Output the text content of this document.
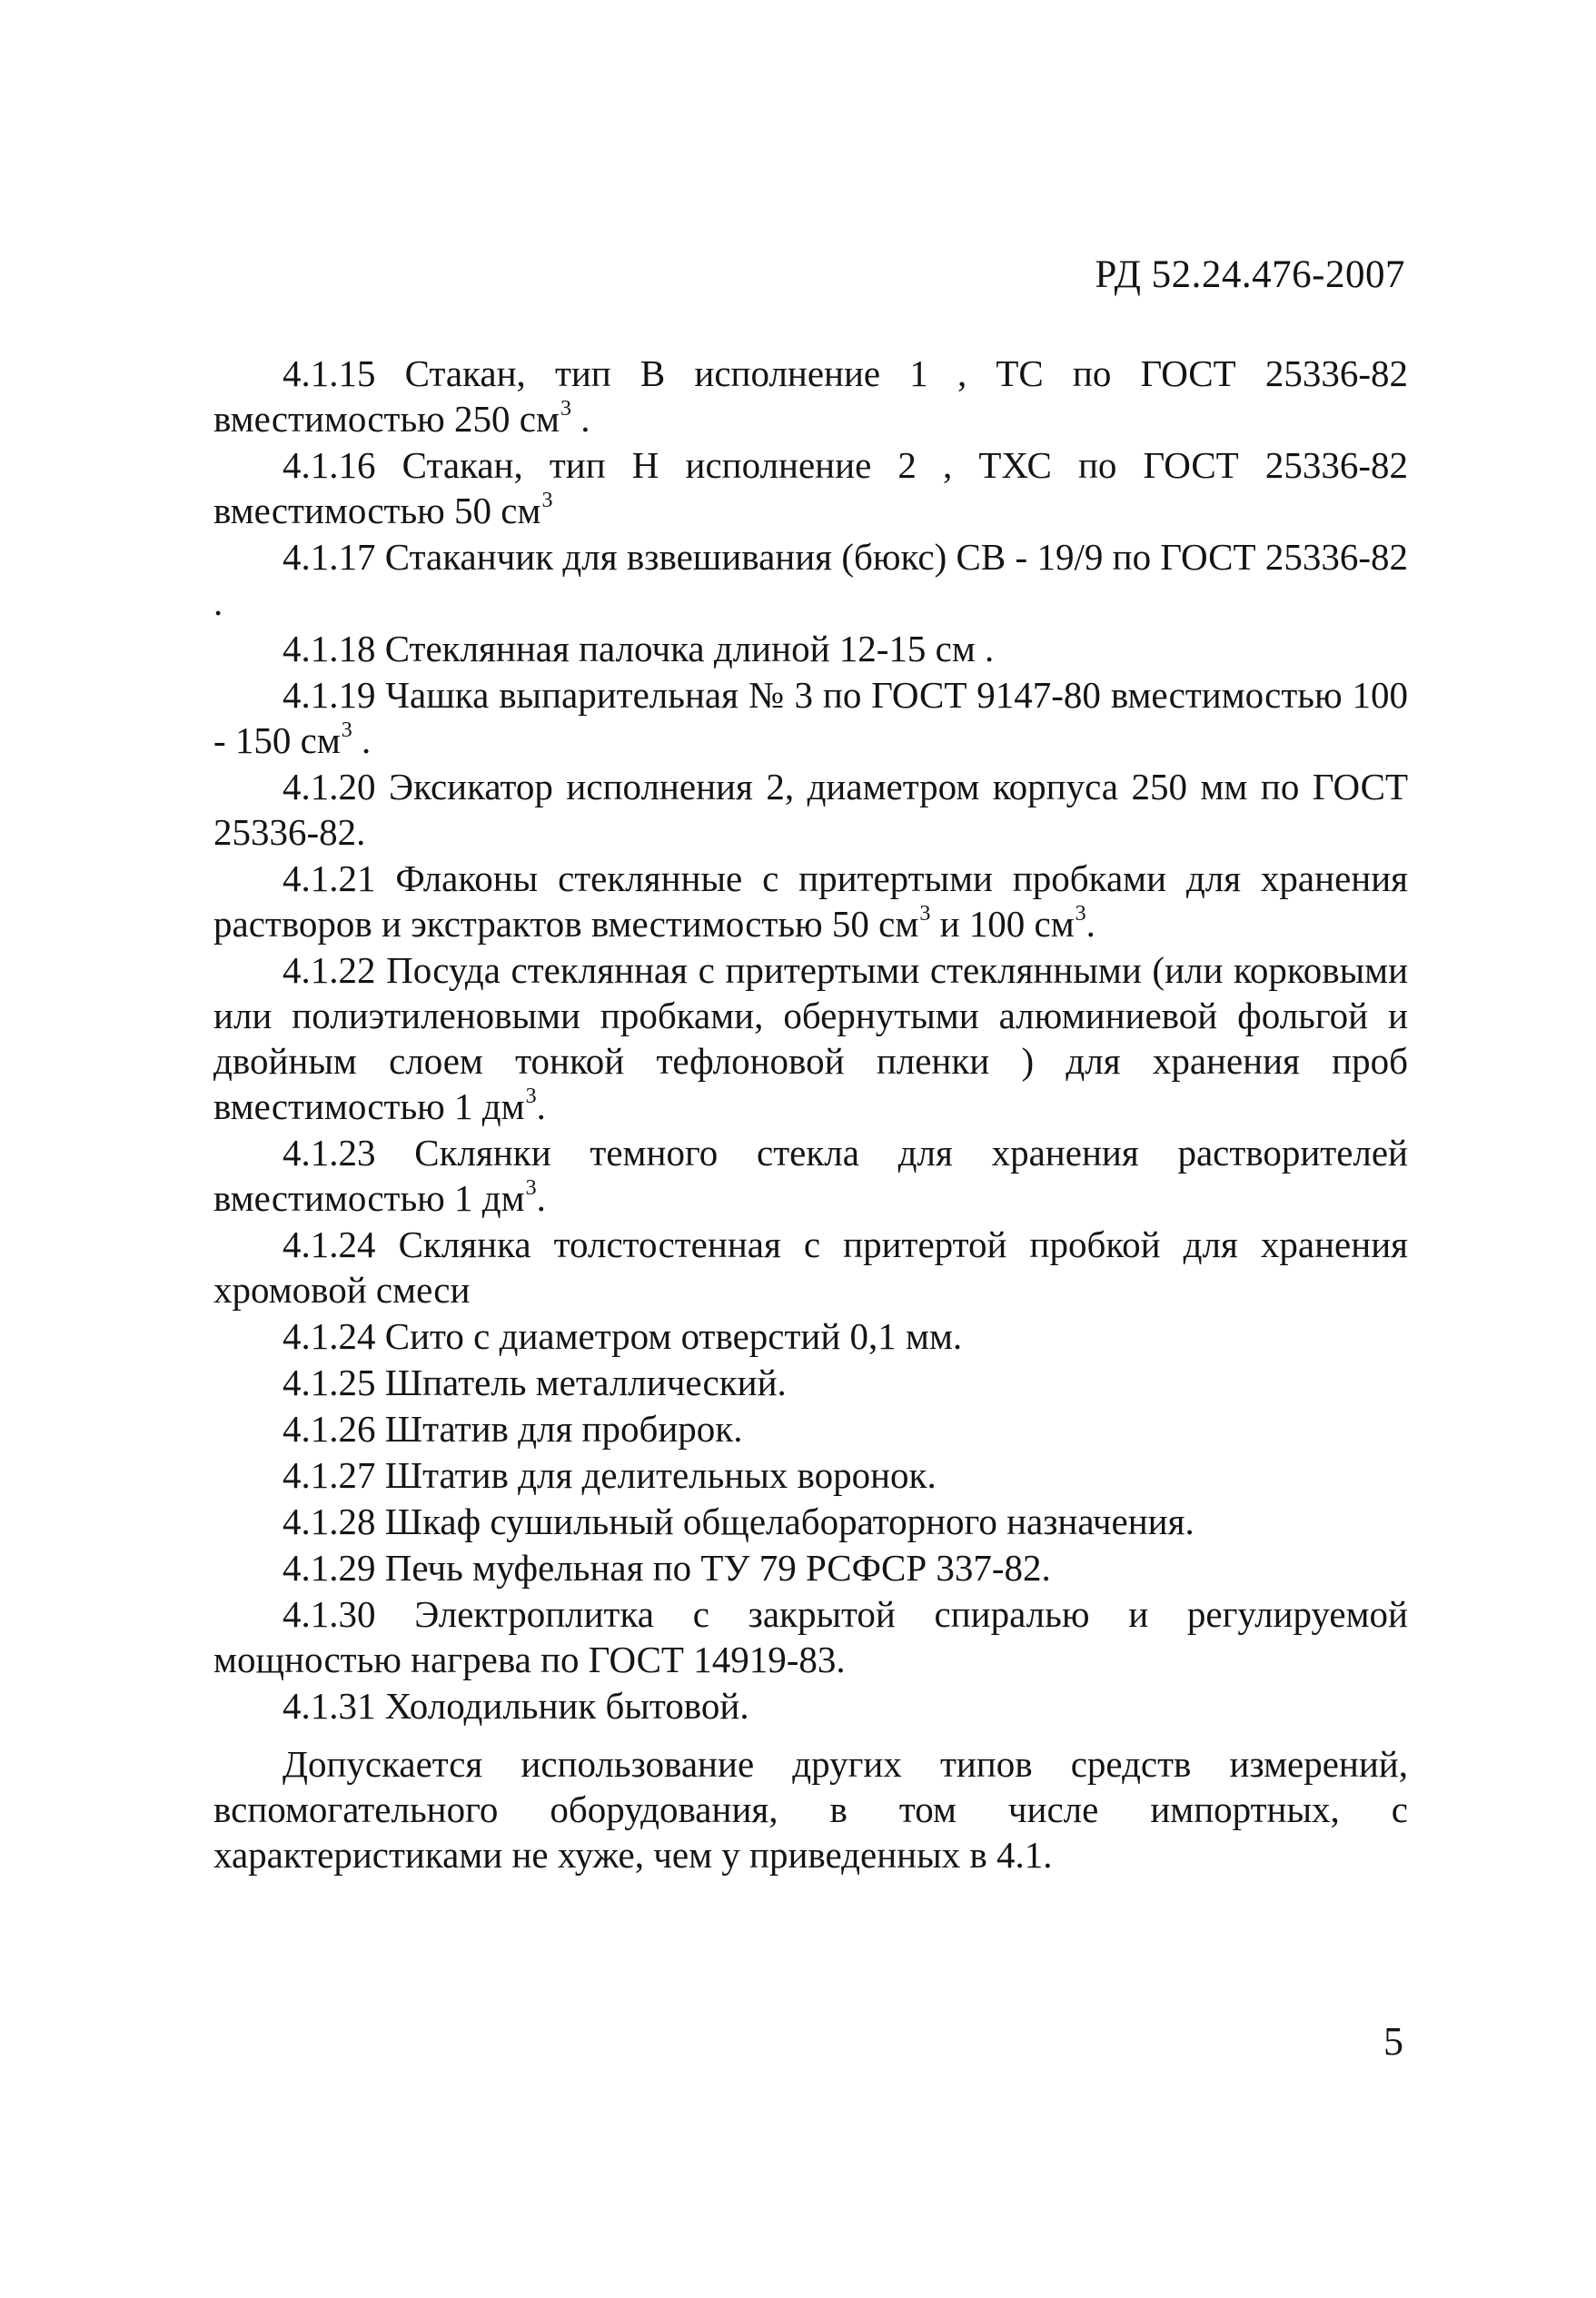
РД 52.24.476-2007

4.1.15 Стакан, тип В исполнение 1 , ТС по ГОСТ 25336-82 вместимостью 250 $см^3$ .

4.1.16 Стакан, тип Н исполнение 2 , ТХС по ГОСТ 25336-82 вместимостью 50 $см^3$

4.1.17 Стаканчик для взвешивания (бюкс) СВ - 19/9 по ГОСТ 25336-82 .

4.1.18 Стеклянная палочка длиной 12-15 см .

4.1.19 Чашка выпарительная № 3 по ГОСТ 9147-80 вместимостью 100 - 150 $см^3$ .

4.1.20 Эксикатор исполнения 2, диаметром корпуса 250 мм по ГОСТ 25336-82.

4.1.21 Флаконы стеклянные с притертыми пробками для хранения растворов и экстрактов вместимостью 50 $см^3$ и 100 $см^3$.

4.1.22 Посуда стеклянная с притертыми стеклянными (или корковыми или полиэтиленовыми пробками, обернутыми алюминиевой фольгой и двойным слоем тонкой тефлоновой пленки ) для хранения проб вместимостью 1 $дм^3$.

4.1.23 Склянки темного стекла для хранения растворителей вместимостью 1 $дм^3$.

4.1.24 Склянка толстостенная с притертой пробкой для хранения хромовой смеси

4.1.24 Сито с диаметром отверстий 0,1 мм.

4.1.25 Шпатель металлический.

4.1.26 Штатив для пробирок.

4.1.27 Штатив для делительных воронок.

4.1.28 Шкаф сушильный общелабораторного назначения.

4.1.29 Печь муфельная по ТУ 79 РСФСР 337-82.

4.1.30 Электроплитка с закрытой спиралью и регулируемой мощностью нагрева по ГОСТ 14919-83.

4.1.31 Холодильник бытовой.

Допускается использование других типов средств измерений, вспомогательного оборудования, в том числе импортных, с характеристиками не хуже, чем у приведенных в 4.1.

5
